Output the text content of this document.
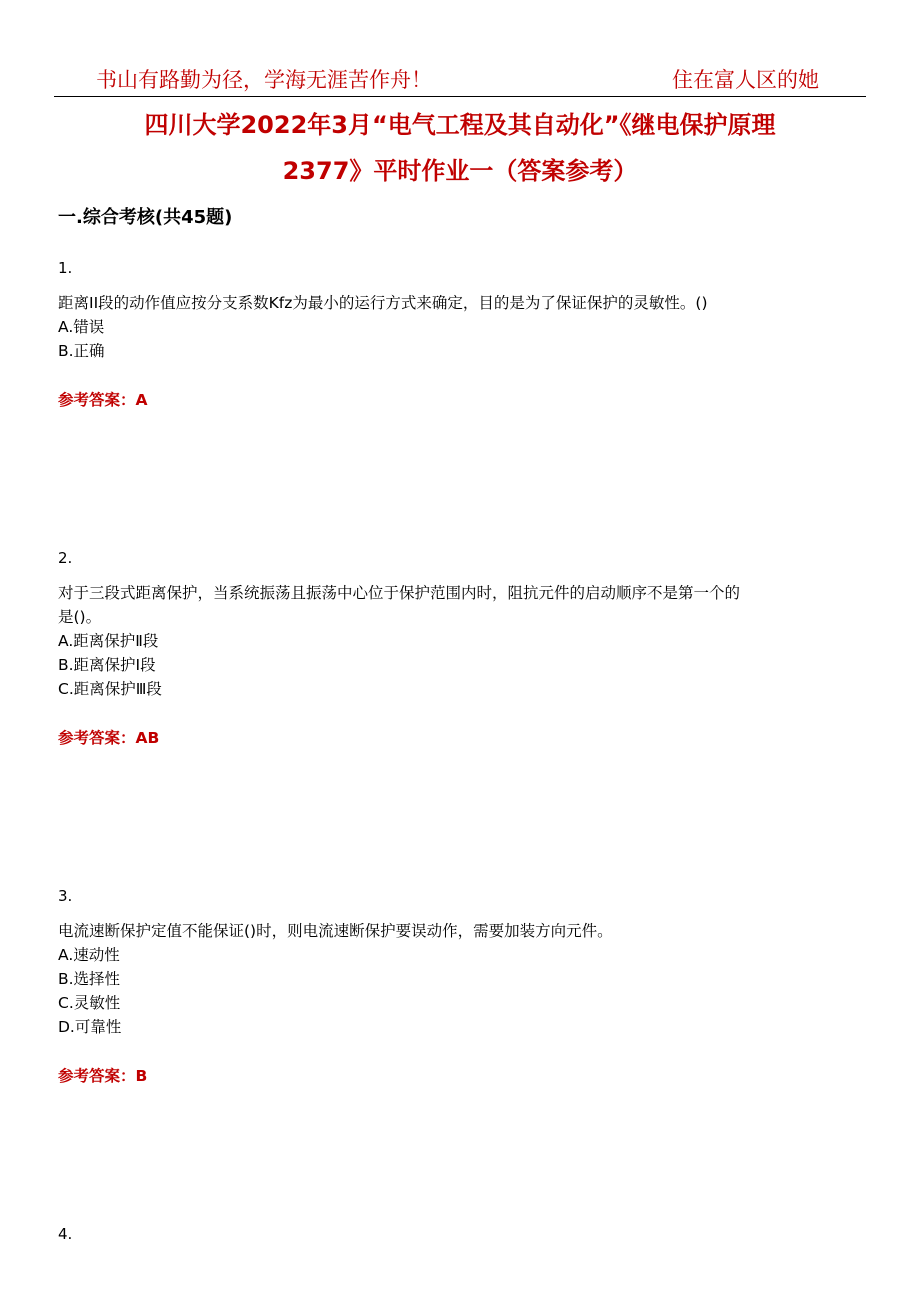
书山有路勤为径，学海无涯苦作舟！	住在富人区的她
四川大学2022年3月“电气工程及其自动化”《继电保护原理
2377》平时作业一（答案参考）
一.综合考核(共45题)
1.
距离II段的动作值应按分支系数Kfz为最小的运行方式来确定，目的是为了保证保护的灵敏性。()
A.错误
B.正确
参考答案：A
2.
对于三段式距离保护，当系统振荡且振荡中心位于保护范围内时，阻抗元件的启动顺序不是第一个的
是()。
A.距离保护Ⅱ段
B.距离保护Ⅰ段
C.距离保护Ⅲ段
参考答案：AB
3.
电流速断保护定值不能保证()时，则电流速断保护要误动作，需要加装方向元件。
A.速动性
B.选择性
C.灵敏性
D.可靠性
参考答案：B
4.
